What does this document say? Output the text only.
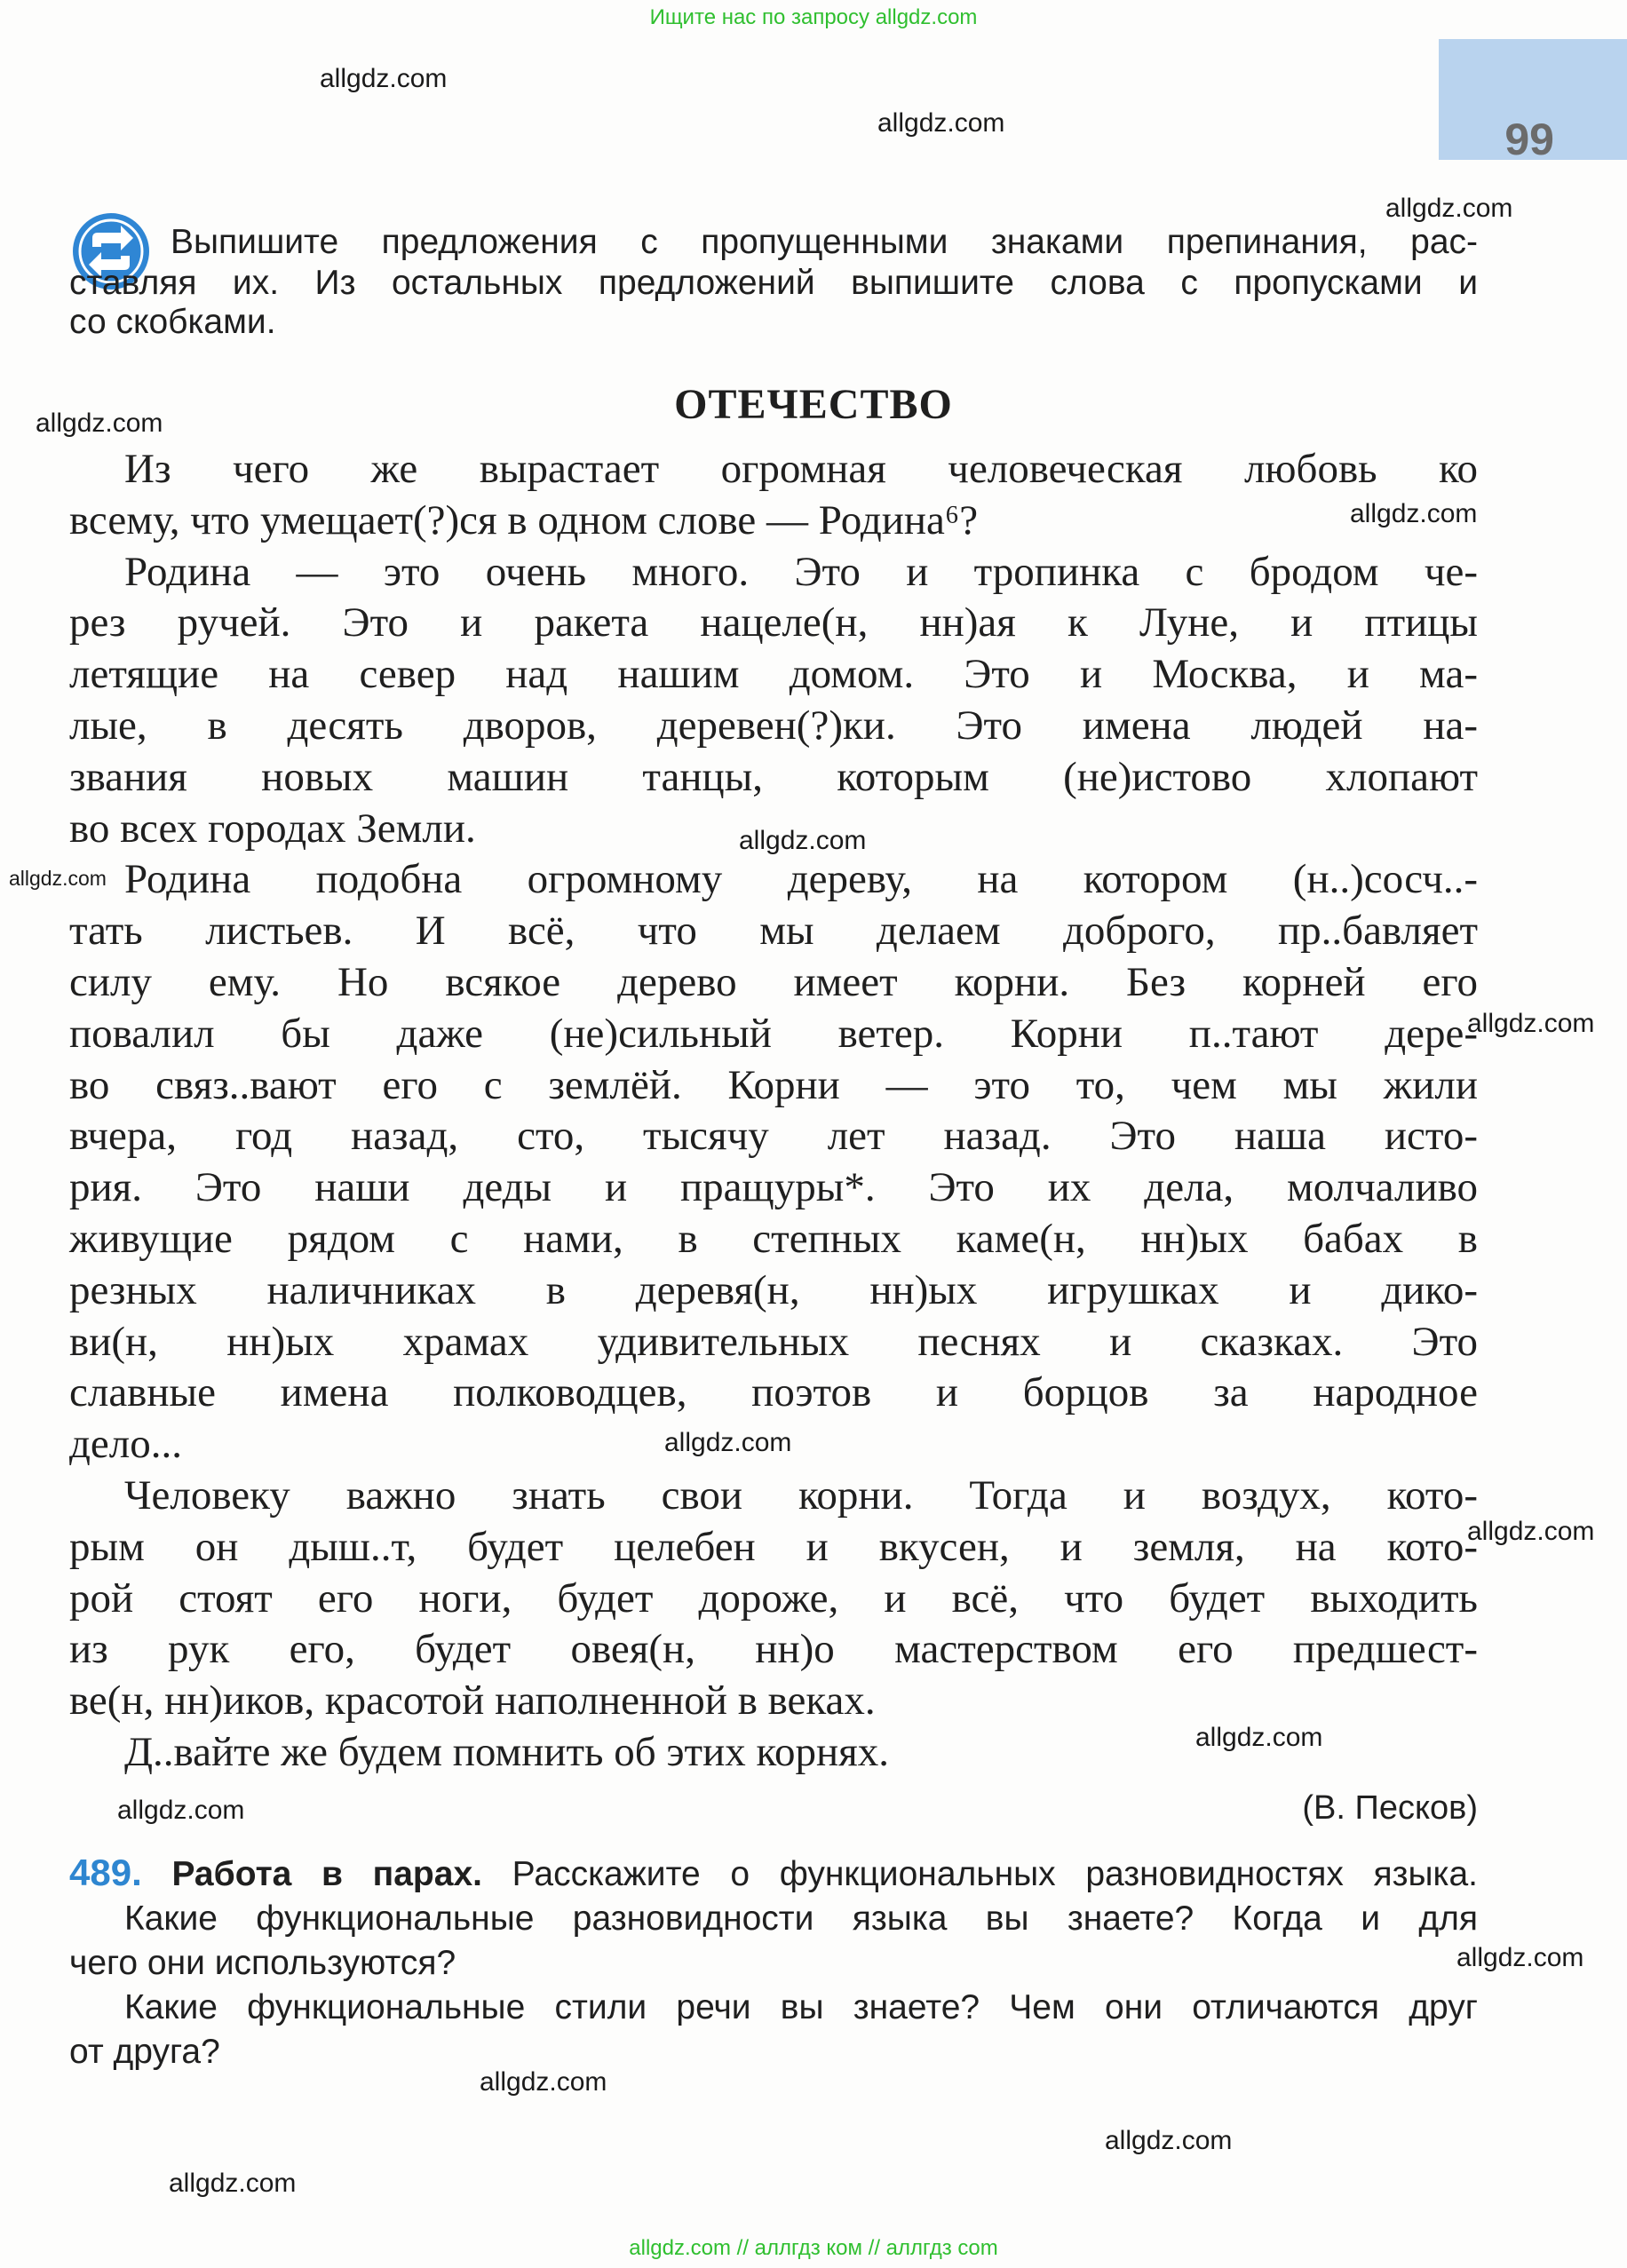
Ищите нас по запросу allgdz.com
99
allgdz.com
allgdz.com
allgdz.com
allgdz.com
allgdz.com
allgdz.com
allgdz.com
allgdz.com
allgdz.com
allgdz.com
allgdz.com
allgdz.com
allgdz.com
allgdz.com
allgdz.com
allgdz.com
Выпишите предложения с пропущенными знаками препинания, рас-
ставляя их. Из остальных предложений выпишите слова с пропусками и
со скобками.
ОТЕЧЕСТВО
Из чего же вырастает огромная человеческая любовь ко
всему, что умещает(?)ся в одном слове — Родина⁶?
Родина — это очень много. Это и тропинка с бродом че-
рез ручей. Это и ракета нацеле(н, нн)ая к Луне, и птицы
летящие на север над нашим домом. Это и Москва, и ма-
лые, в десять дворов, деревен(?)ки. Это имена людей на-
звания новых машин танцы, которым (не)истово хлопают
во всех городах Земли.
Родина подобна огромному дереву, на котором (н..)сосч..-
тать листьев. И всё, что мы делаем доброго, пр..бавляет
силу ему. Но всякое дерево имеет корни. Без корней его
повалил бы даже (не)сильный ветер. Корни п..тают дере-
во связ..вают его с землёй. Корни — это то, чем мы жили
вчера, год назад, сто, тысячу лет назад. Это наша исто-
рия. Это наши деды и пращуры*. Это их дела, молчаливо
живущие рядом с нами, в степных каме(н, нн)ых бабах в
резных наличниках в деревя(н, нн)ых игрушках и дико-
ви(н, нн)ых храмах удивительных песнях и сказках. Это
славные имена полководцев, поэтов и борцов за народное
дело...
Человеку важно знать свои корни. Тогда и воздух, кото-
рым он дыш..т, будет целебен и вкусен, и земля, на кото-
рой стоят его ноги, будет дороже, и всё, что будет выходить
из рук его, будет овея(н, нн)о мастерством его предшест-
ве(н, нн)иков, красотой наполненной в веках.
Д..вайте же будем помнить об этих корнях.
(В. Песков)
489. Работа в парах. Расскажите о функциональных разновидностях языка.
Какие функциональные разновидности языка вы знаете? Когда и для
чего они используются?
Какие функциональные стили речи вы знаете? Чем они отличаются друг
от друга?
allgdz.com // аллгдз ком // аллгдз com
